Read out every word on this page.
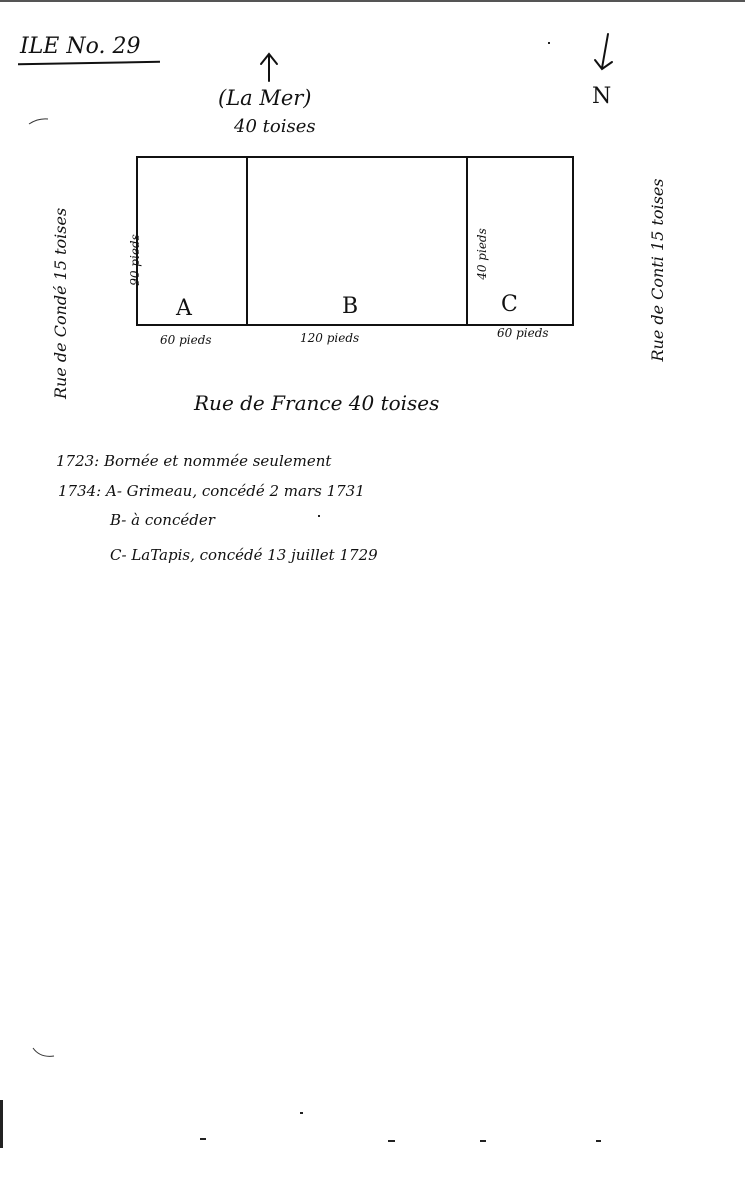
ILE No. 29
(La Mer)
40 toises
N
A	B	C
60 pieds	120 pieds	60 pieds
90 pieds	40 pieds
Rue de Condé 15 toises	Rue de Conti 15 toises
Rue de France 40 toises
1723: Bornée et nommée seulement
1734: A- Grimeau, concédé 2 mars 1731
B- à concéder
C- LaTapis, concédé 13 juillet 1729
